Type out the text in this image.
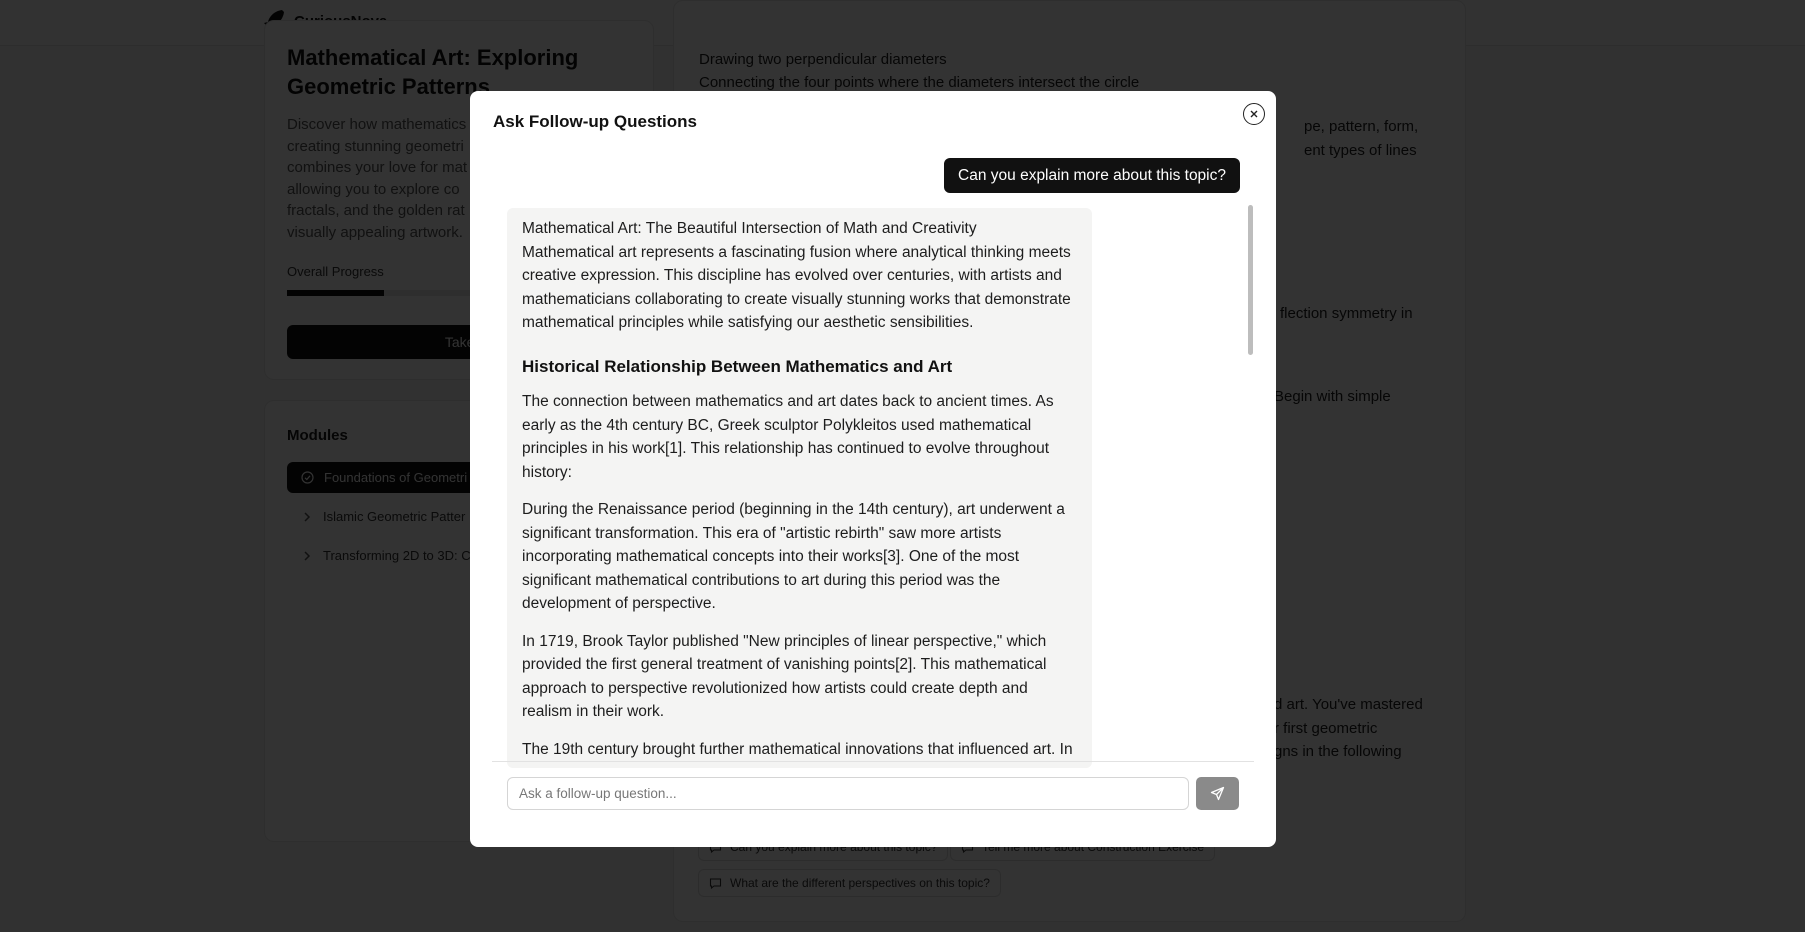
Ask Follow-up Questions
Can you explain more about this topic?

Mathematical Art: The Beautiful Intersection of Math and Creativity
Mathematical art represents a fascinating fusion where analytical thinking meets creative expression. This discipline has evolved over centuries, with artists and mathematicians collaborating to create visually stunning works that demonstrate mathematical principles while satisfying our aesthetic sensibilities.

Historical Relationship Between Mathematics and Art

The connection between mathematics and art dates back to ancient times. As early as the 4th century BC, Greek sculptor Polykleitos used mathematical principles in his work[1]. This relationship has continued to evolve throughout history:

During the Renaissance period (beginning in the 14th century), art underwent a significant transformation. This era of "artistic rebirth" saw more artists incorporating mathematical concepts into their works[3]. One of the most significant mathematical contributions to art during this period was the development of perspective.

In 1719, Brook Taylor published "New principles of linear perspective," which provided the first general treatment of vanishing points[2]. This mathematical approach to perspective revolutionized how artists could create depth and realism in their work.

The 19th century brought further mathematical innovations that influenced art. In

Ask a follow-up question...
